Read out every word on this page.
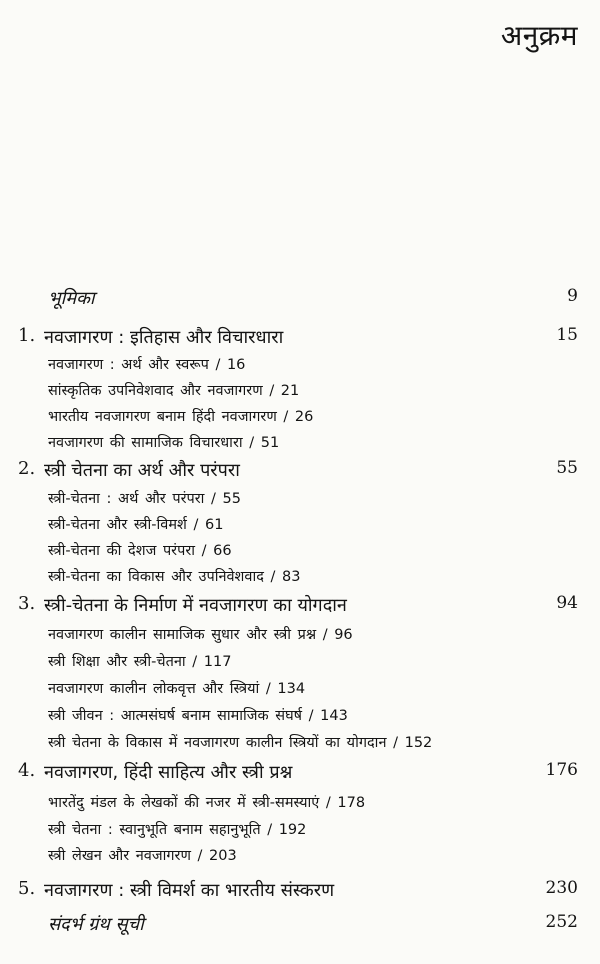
अनुक्रम
भूमिका	9
1. नवजागरण : इतिहास और विचारधारा	15
नवजागरण : अर्थ और स्वरूप / 16
सांस्कृतिक उपनिवेशवाद और नवजागरण / 21
भारतीय नवजागरण बनाम हिंदी नवजागरण / 26
नवजागरण की सामाजिक विचारधारा / 51
2. स्त्री चेतना का अर्थ और परंपरा	55
स्त्री-चेतना : अर्थ और परंपरा / 55
स्त्री-चेतना और स्त्री-विमर्श / 61
स्त्री-चेतना की देशज परंपरा / 66
स्त्री-चेतना का विकास और उपनिवेशवाद / 83
3. स्त्री-चेतना के निर्माण में नवजागरण का योगदान	94
नवजागरण कालीन सामाजिक सुधार और स्त्री प्रश्न / 96
स्त्री शिक्षा और स्त्री-चेतना / 117
नवजागरण कालीन लोकवृत्त और स्त्रियां / 134
स्त्री जीवन : आत्मसंघर्ष बनाम सामाजिक संघर्ष / 143
स्त्री चेतना के विकास में नवजागरण कालीन स्त्रियों का योगदान / 152
4. नवजागरण, हिंदी साहित्य और स्त्री प्रश्न	176
भारतेंदु मंडल के लेखकों की नजर में स्त्री-समस्याएं / 178
स्त्री चेतना : स्वानुभूति बनाम सहानुभूति / 192
स्त्री लेखन और नवजागरण / 203
5. नवजागरण : स्त्री विमर्श का भारतीय संस्करण	230
संदर्भ ग्रंथ सूची	252
